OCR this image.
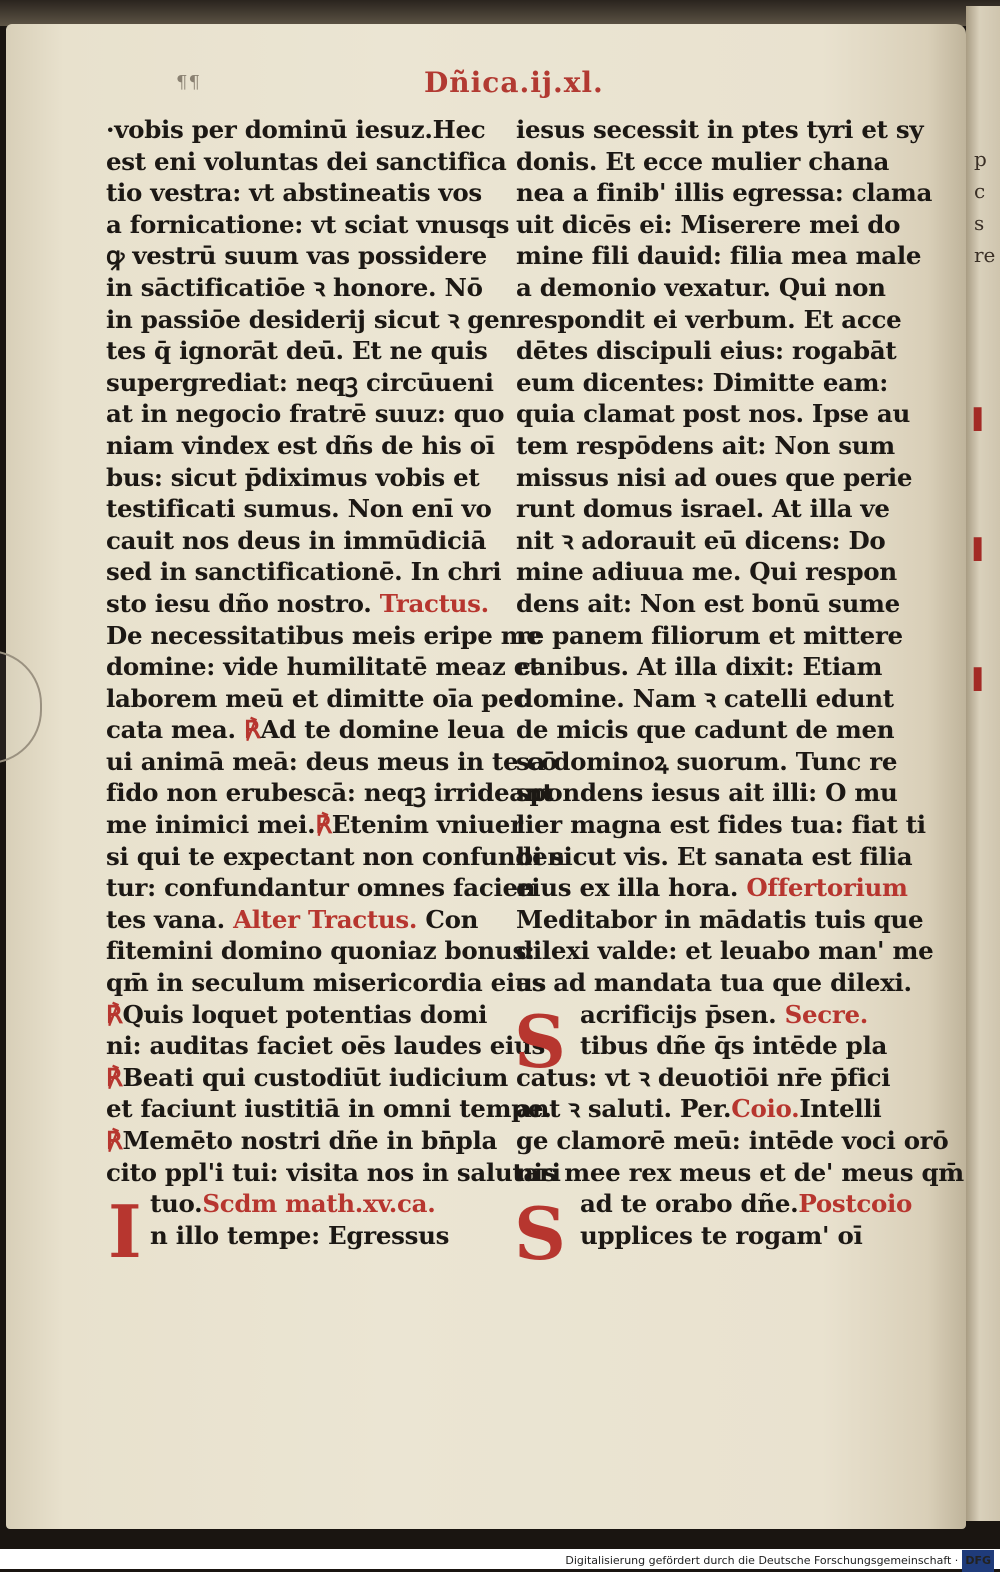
p
c
s
re
▌
▌
▌
¶¶	Dñica.ij.xl.
·vobis per dominū iesuz.Hec
est eni voluntas dei sanctifica
tio vestra: vt abstineatis vos
a fornicatione: vt sciat vnusqs
ꝙ vestrū suum vas possidere
in sāctificatiōe ꝛ honore. Nō
in passiōe desiderij sicut ꝛ gen
tes q̄ ignorāt deū. Et ne quis
supergrediat: neqꝫ circūueni
at in negocio fratrē suuz: quo
niam vindex est dñs de his oī
bus: sicut p̄diximus vobis et
testificati sumus. Non enī vo
cauit nos deus in immūdiciā
sed in sanctificationē. In chri
sto iesu dño nostro. Tractus.
De necessitatibus meis eripe me
domine: vide humilitatē meaz et
laborem meū et dimitte oīa pec
cata mea. ℟Ad te domine leua
ui animā meā: deus meus in te cō
fido non erubescā: neqꝫ irrideant
me inimici mei.℟Etenim vniuer
si qui te expectant non confunden
tur: confundantur omnes facien
tes vana. Alter Tractus. Con
fitemini domino quoniaz bonus:
qm̄ in seculum misericordia eius
℟Quis loquet potentias domi
ni: auditas faciet oēs laudes eius
℟Beati qui custodiūt iudicium
et faciunt iustitiā in omni tempe.
℟Memēto nostri dñe in bn̄pla
cito ppl'i tui: visita nos in salutari
tuo.Scdm math.xv.ca.
n illo tempe: Egressus
I
iesus secessit in ptes tyri et sy
donis. Et ecce mulier chana
nea a finib' illis egressa: clama
uit dicēs ei: Miserere mei do
mine fili dauid: filia mea male
a demonio vexatur. Qui non
respondit ei verbum. Et acce
dētes discipuli eius: rogabāt
eum dicentes: Dimitte eam:
quia clamat post nos. Ipse au
tem respōdens ait: Non sum
missus nisi ad oues que perie
runt domus israel. At illa ve
nit ꝛ adorauit eū dicens: Do
mine adiuua me. Qui respon
dens ait: Non est bonū sume
re panem filiorum et mittere
canibus. At illa dixit: Etiam
domine. Nam ꝛ catelli edunt
de micis que cadunt de men
sa dominoꝝ suorum. Tunc re
spondens iesus ait illi: O mu
lier magna est fides tua: fiat ti
bi sicut vis. Et sanata est filia
eius ex illa hora. Offertorium
Meditabor in mādatis tuis que
dilexi valde: et leuabo man' me
as ad mandata tua que dilexi.
acrificijs p̄sen. Secre.
tibus dñe q̄s intēde pla
catus: vt ꝛ deuotiōi nr̄e p̄fici
ant ꝛ saluti. Per.Coio.Intelli
ge clamorē meū: intēde voci orō
nis mee rex meus et de' meus qm̄
ad te orabo dñe.Postcoio
upplices te rogam' oī
S
S
Digitalisierung gefördert durch die Deutsche Forschungsgemeinschaft · DFG
